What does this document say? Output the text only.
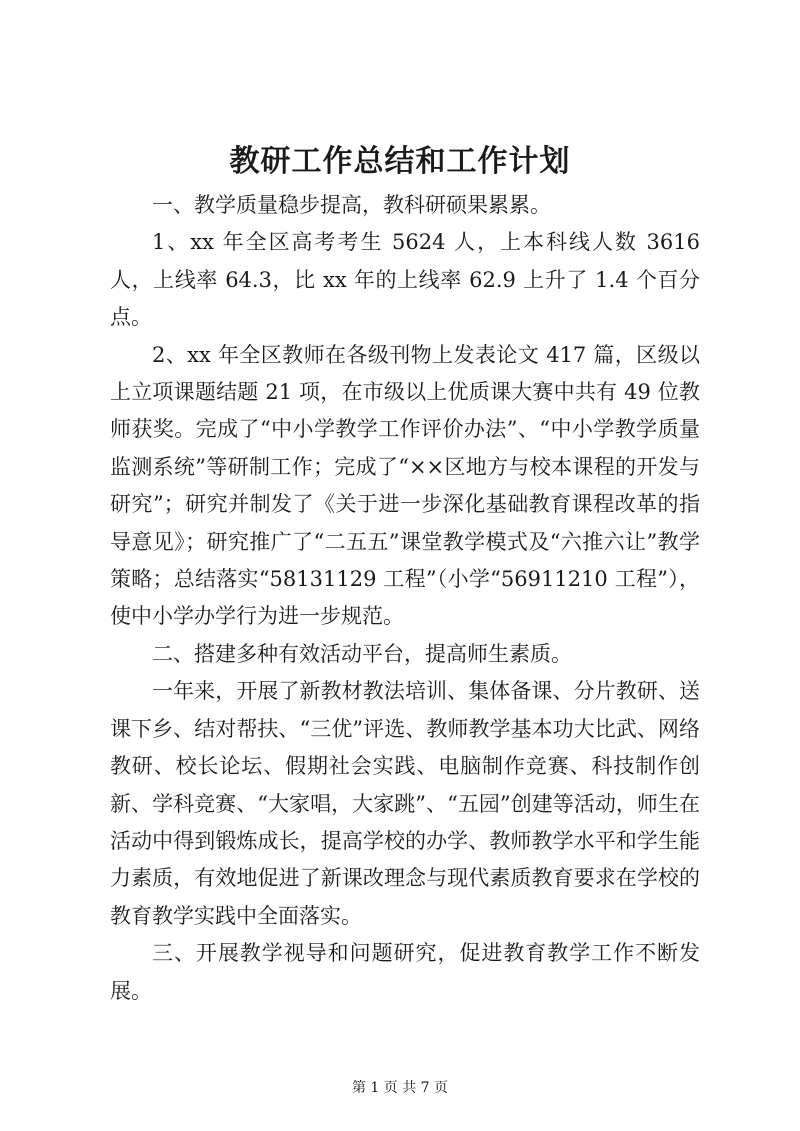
教研工作总结和工作计划

一、教学质量稳步提高，教科研硕果累累。

1、xx 年全区高考考生 5624 人，上本科线人数 3616 人，上线率 64.3，比 xx 年的上线率 62.9 上升了 1.4 个百分点。

2、xx 年全区教师在各级刊物上发表论文 417 篇，区级以上立项课题结题 21 项，在市级以上优质课大赛中共有 49 位教师获奖。完成了“中小学教学工作评价办法”、“中小学教学质量监测系统”等研制工作；完成了“××区地方与校本课程的开发与研究”；研究并制发了《关于进一步深化基础教育课程改革的指导意见》；研究推广了“二五五”课堂教学模式及“六推六让”教学策略；总结落实“58131129 工程”（小学“56911210 工程”），使中小学办学行为进一步规范。

二、搭建多种有效活动平台，提高师生素质。

一年来，开展了新教材教法培训、集体备课、分片教研、送课下乡、结对帮扶、“三优”评选、教师教学基本功大比武、网络教研、校长论坛、假期社会实践、电脑制作竞赛、科技制作创新、学科竞赛、“大家唱，大家跳”、“五园”创建等活动，师生在活动中得到锻炼成长，提高学校的办学、教师教学水平和学生能力素质，有效地促进了新课改理念与现代素质教育要求在学校的教育教学实践中全面落实。

三、开展教学视导和问题研究，促进教育教学工作不断发展。

第 1 页 共 7 页
